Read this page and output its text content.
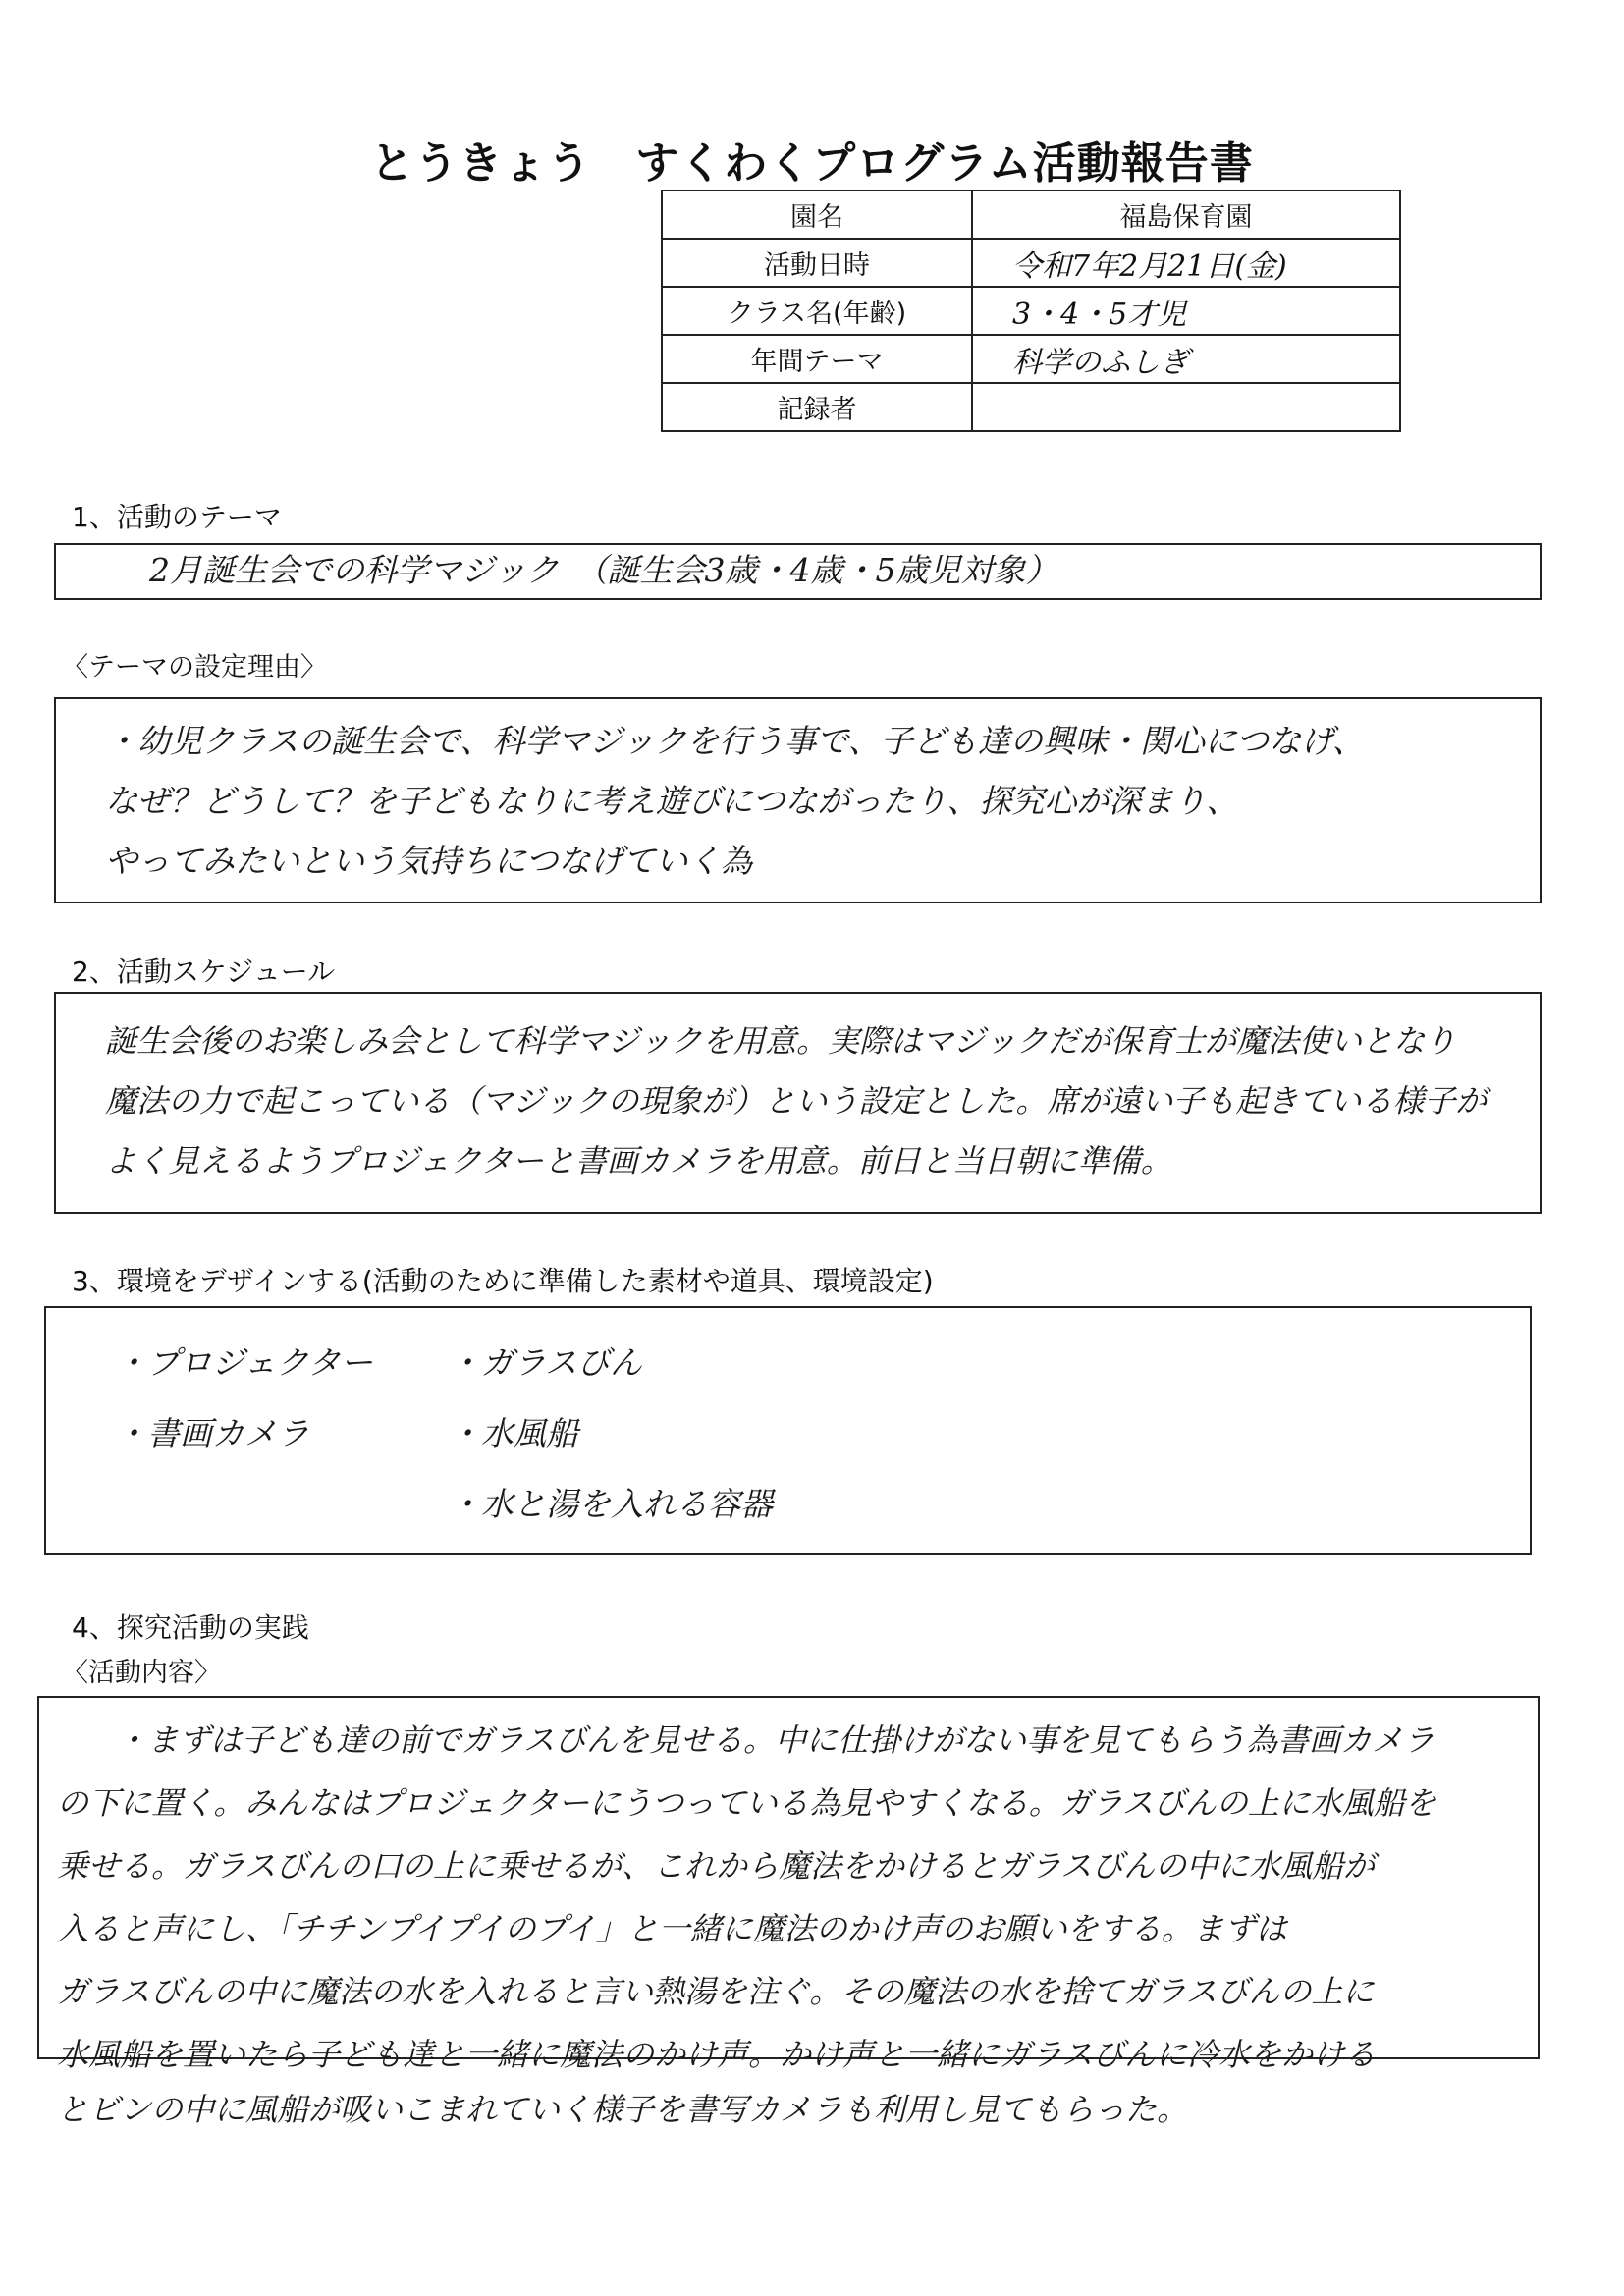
とうきょう　すくわくプログラム活動報告書
園名	福島保育園
活動日時	令和7年2月21日(金)
クラス名(年齢)	3・4・5才児
年間テーマ	科学のふしぎ
記録者	
1、活動のテーマ
2月誕生会での科学マジック　（誕生会3歳・4歳・5歳児対象）
〈テーマの設定理由〉
・幼児クラスの誕生会で、科学マジックを行う事で、子ども達の興味・関心につなげ、
なぜ？どうして？を子どもなりに考え遊びにつながったり、探究心が深まり、
やってみたいという気持ちにつなげていく為
2、活動スケジュール
誕生会後のお楽しみ会として科学マジックを用意。実際はマジックだが保育士が魔法使いとなり
魔法の力で起こっている（マジックの現象が）という設定とした。席が遠い子も起きている様子が
よく見えるようプロジェクターと書画カメラを用意。前日と当日朝に準備。
3、環境をデザインする(活動のために準備した素材や道具、環境設定)
・プロジェクター
・書画カメラ
・ガラスびん
・水風船
・水と湯を入れる容器
4、探究活動の実践
〈活動内容〉
・まずは子ども達の前でガラスびんを見せる。中に仕掛けがない事を見てもらう為書画カメラ
の下に置く。みんなはプロジェクターにうつっている為見やすくなる。ガラスびんの上に水風船を
乗せる。ガラスびんの口の上に乗せるが、これから魔法をかけるとガラスびんの中に水風船が
入ると声にし、「チチンプイプイのプイ」と一緒に魔法のかけ声のお願いをする。まずは
ガラスびんの中に魔法の水を入れると言い熱湯を注ぐ。その魔法の水を捨てガラスびんの上に
水風船を置いたら子ども達と一緒に魔法のかけ声。かけ声と一緒にガラスびんに冷水をかける
とビンの中に風船が吸いこまれていく様子を書写カメラも利用し見てもらった。
